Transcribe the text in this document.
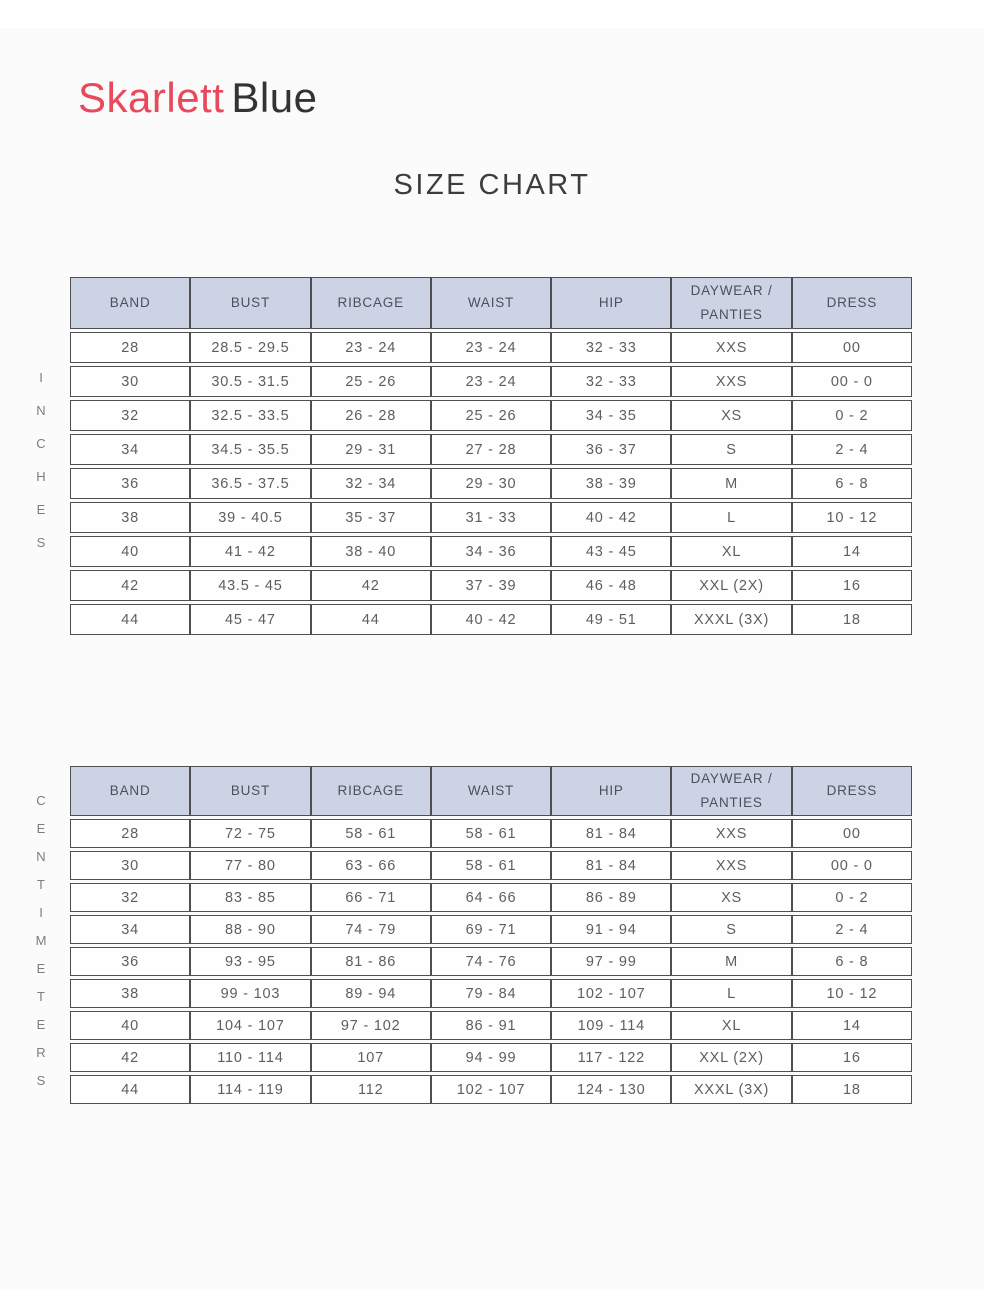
Skarlett Blue
SIZE CHART
I
N
C
H
E
S
BAND	BUST	RIBCAGE	WAIST	HIP	DAYWEAR / PANTIES	DRESS
28	28.5 - 29.5	23 - 24	23 - 24	32 - 33	XXS	00
30	30.5 - 31.5	25 - 26	23 - 24	32 - 33	XXS	00 - 0
32	32.5 - 33.5	26 - 28	25 - 26	34 - 35	XS	0 - 2
34	34.5 - 35.5	29 - 31	27 - 28	36 - 37	S	2 - 4
36	36.5 - 37.5	32 - 34	29 - 30	38 - 39	M	6 - 8
38	39 - 40.5	35 - 37	31 - 33	40 - 42	L	10 - 12
40	41 - 42	38 - 40	34 - 36	43 - 45	XL	14
42	43.5 - 45	42	37 - 39	46 - 48	XXL (2X)	16
44	45 - 47	44	40 - 42	49 - 51	XXXL (3X)	18
C
E
N
T
I
M
E
T
E
R
S
BAND	BUST	RIBCAGE	WAIST	HIP	DAYWEAR / PANTIES	DRESS
28	72 - 75	58 - 61	58 - 61	81 - 84	XXS	00
30	77 - 80	63 - 66	58 - 61	81 - 84	XXS	00 - 0
32	83 - 85	66 - 71	64 - 66	86 - 89	XS	0 - 2
34	88 - 90	74 - 79	69 - 71	91 - 94	S	2 - 4
36	93 - 95	81 - 86	74 - 76	97 - 99	M	6 - 8
38	99 - 103	89 - 94	79 - 84	102 - 107	L	10 - 12
40	104 - 107	97 - 102	86 - 91	109 - 114	XL	14
42	110 - 114	107	94 - 99	117 - 122	XXL (2X)	16
44	114 - 119	112	102 - 107	124 - 130	XXXL (3X)	18
